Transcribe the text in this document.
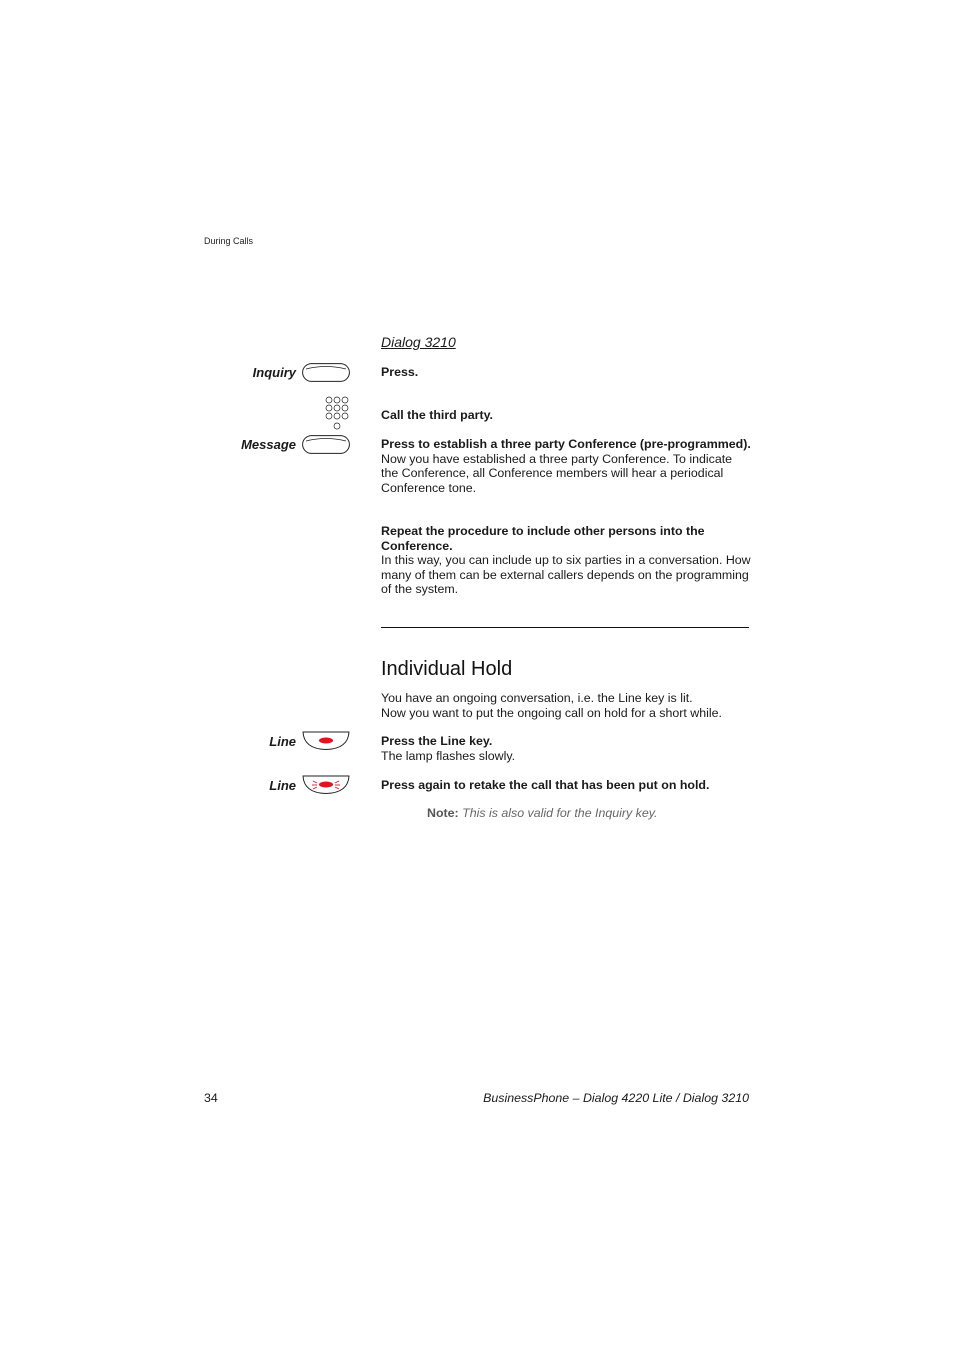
During Calls
Dialog 3210
Inquiry	Press.
Call the third party.
Message	Press to establish a three party Conference (pre-programmed).
Now you have established a three party Conference. To indicate the Conference, all Conference members will hear a periodical Conference tone.
Repeat the procedure to include other persons into the Conference.
In this way, you can include up to six parties in a conversation. How many of them can be external callers depends on the programming of the system.
Individual Hold
You have an ongoing conversation, i.e. the Line key is lit.
Now you want to put the ongoing call on hold for a short while.
Line	Press the Line key.
The lamp flashes slowly.
Line	Press again to retake the call that has been put on hold.
Note: This is also valid for the Inquiry key.
34	BusinessPhone – Dialog 4220 Lite / Dialog 3210
